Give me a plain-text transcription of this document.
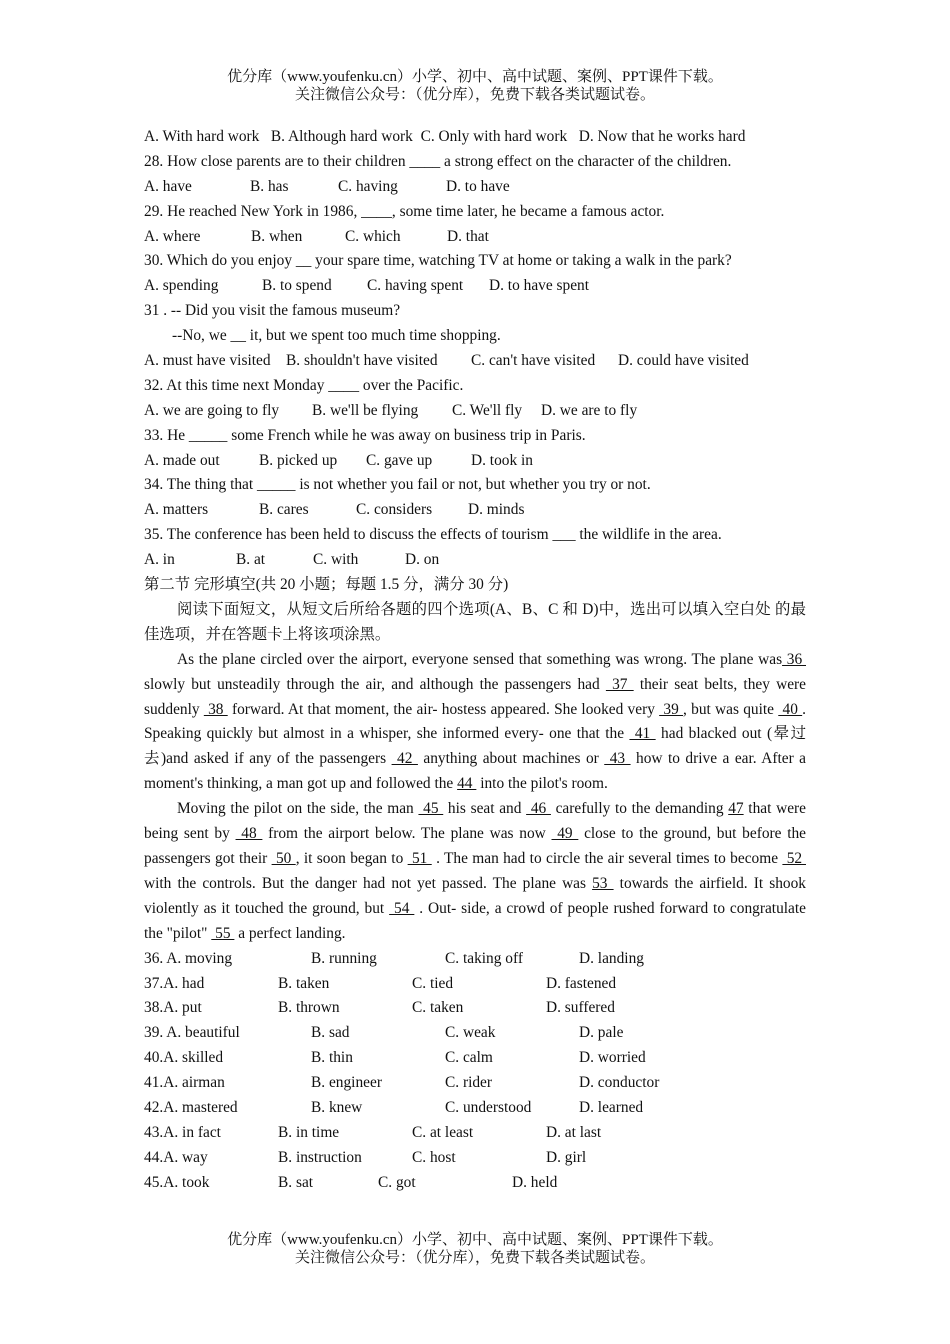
优分库（www.youfenku.cn）小学、初中、高中试题、案例、PPT课件下载。
关注微信公众号：（优分库），免费下载各类试题试卷。
A. With hard work B. Although hard work C. Only with hard work D. Now that he works hard
28. How close parents are to their children ____ a strong effect on the character of the children.
A. have	B. has	C. having	D. to have
29. He reached New York in 1986, ____, some time later, he became a famous actor.
A. where	B. when	C. which	D. that
30. Which do you enjoy __ your spare time, watching TV at home or taking a walk in the park?
A. spending	B. to spend C. having spent D. to have spent
31 . -- Did you visit the famous museum?
--No, we __ it, but we spent too much time shopping.
A. must have visited B. shouldn't have visited C. can't have visited D. could have visited
32. At this time next Monday ____ over the Pacific.
A. we are going to fly B. we'll be flying C. We'll fly D. we are to fly
33. He _____ some French while he was away on business trip in Paris.
A. made out	B. picked up C. gave up	D. took in
34. The thing that _____ is not whether you fail or not, but whether you try or not.
A. matters	B. cares	C. considers D. minds
35. The conference has been held to discuss the effects of tourism ___ the wildlife in the area.
A. in	B. at	C. with	D. on
第二节 完形填空(共 20 小题；每题 1.5 分，满分 30 分)

阅读下面短文，从短文后所给各题的四个选项(A、B、C 和 D)中，选出可以填入空白处 的最佳选项，并在答题卡上将该项涂黑。

As the plane circled over the airport, everyone sensed that something was wrong. The plane was 36  slowly but unsteadily through the air, and although the passengers had  37  their seat belts, they were suddenly  38  forward. At that moment, the air- hostess appeared. She looked very  39 , but was quite  40 . Speaking quickly but almost in a whisper, she informed every- one that the  41  had blacked out (晕过去)and asked if any of the passengers  42  anything about machines or  43  how to drive a ear. After a moment's thinking, a man got up and followed the 44  into the pilot's room.

Moving the pilot on the side, the man  45  his seat and  46  carefully to the demanding 47 that were being sent by  48  from the airport below. The plane was now  49  close to the ground, but before the passengers got their  50 , it soon began to  51  . The man had to circle the air several times to become  52  with the controls. But the danger had not yet passed. The plane was 53  towards the airfield. It shook violently as it touched the ground, but  54  . Out- side, a crowd of people rushed forward to congratulate the "pilot"  55  a perfect landing.

36. A. moving	B. running	C. taking off	D. landing
37.A. had	B. taken	C. tied	D. fastened
38.A. put	B. thrown	C. taken	D. suffered
39. A. beautiful	B. sad	C. weak	D. pale
40.A. skilled	B. thin	C. calm	D. worried
41.A. airman	B. engineer	C. rider	D. conductor
42.A. mastered	B. knew	C. understood	D. learned
43.A. in fact	B. in time	C. at least	D. at last
44.A. way	B. instruction	C. host	D. girl
45.A. took	B. sat	C. got	D. held
优分库（www.youfenku.cn）小学、初中、高中试题、案例、PPT课件下载。
关注微信公众号：（优分库），免费下载各类试题试卷。
